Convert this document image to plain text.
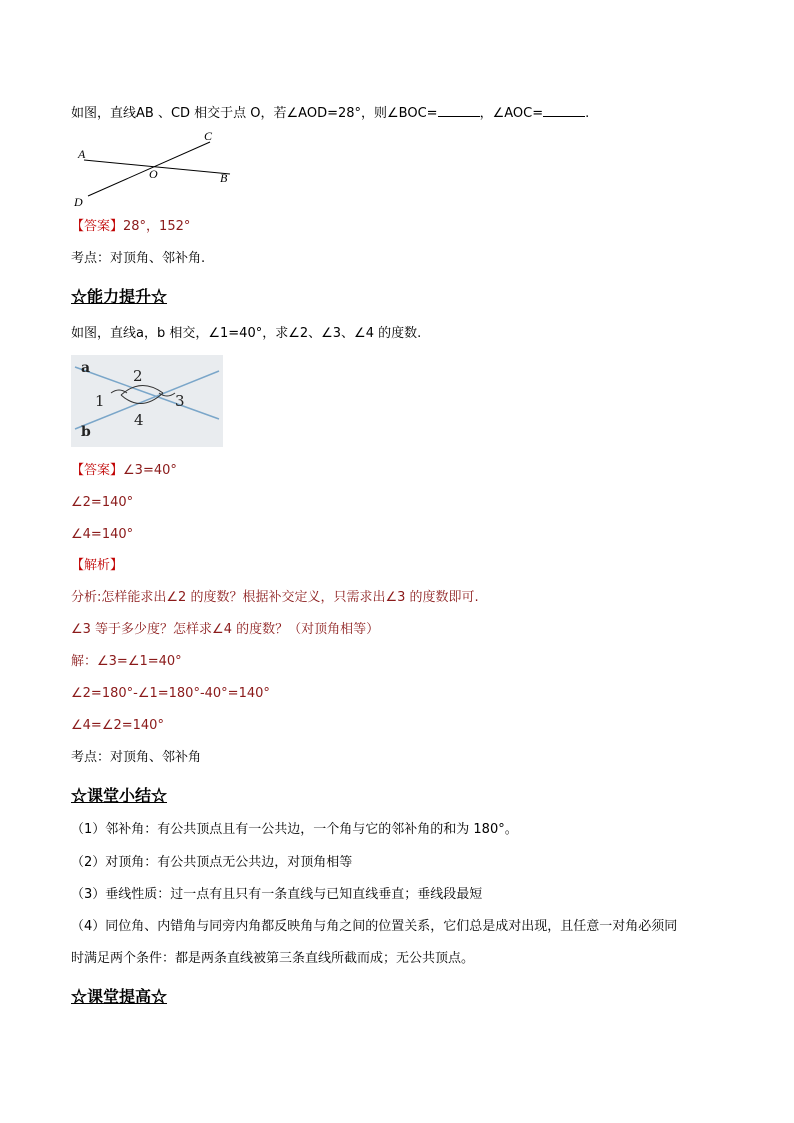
如图，直线AB 、CD 相交于点 O，若∠AOD=28°，则∠BOC=	，∠AOC=	.
A
B
C
D
O
【答案】28°，152°
考点：对顶角、邻补角.
☆能力提升☆
如图，直线a，b 相交，∠1=40°，求∠2、∠3、∠4 的度数.
a
b
2
1	3
4
【答案】∠3=40°
∠2=140°
∠4=140°
【解析】
分析:怎样能求出∠2 的度数？根据补交定义，只需求出∠3 的度数即可.
∠3 等于多少度？怎样求∠4 的度数？（对顶角相等）
解：∠3=∠1=40°
∠2=180°-∠1=180°-40°=140°
∠4=∠2=140°
考点：对顶角、邻补角
☆课堂小结☆
（1）邻补角：有公共顶点且有一公共边，一个角与它的邻补角的和为 180°。
（2）对顶角：有公共顶点无公共边，对顶角相等
（3）垂线性质：过一点有且只有一条直线与已知直线垂直；垂线段最短
（4）同位角、内错角与同旁内角都反映角与角之间的位置关系，它们总是成对出现，且任意一对角必须同
时满足两个条件：都是两条直线被第三条直线所截而成；无公共顶点。
☆课堂提高☆
